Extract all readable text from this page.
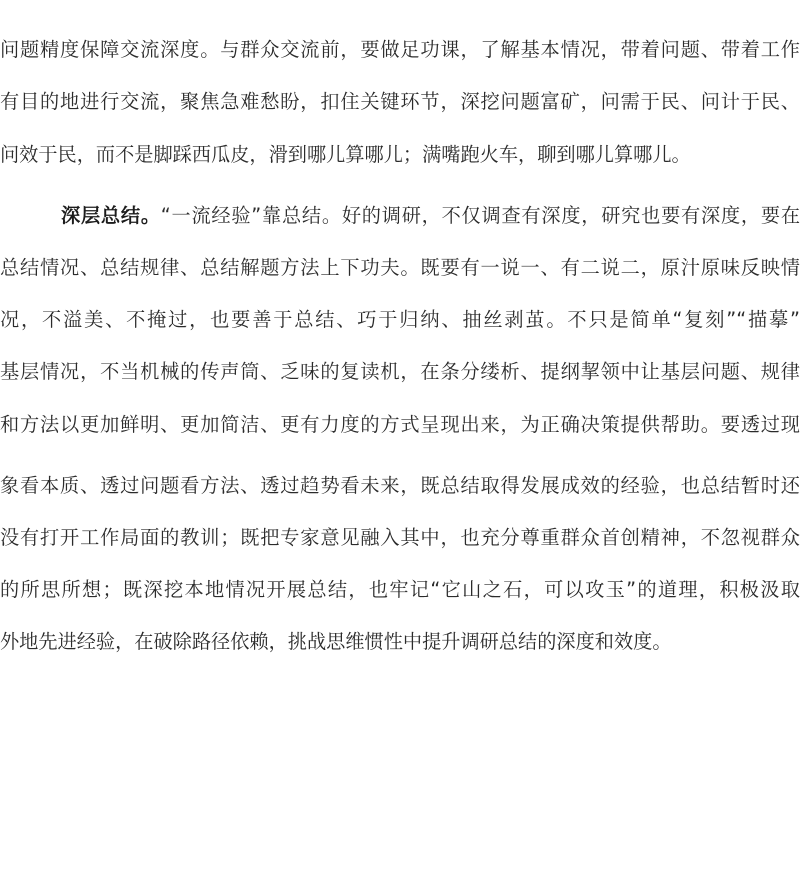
问题精度保障交流深度。与群众交流前，要做足功课，了解基本情况，带着问题、带着工作
有目的地进行交流，聚焦急难愁盼，扣住关键环节，深挖问题富矿，问需于民、问计于民、
问效于民，而不是脚踩西瓜皮，滑到哪儿算哪儿；满嘴跑火车，聊到哪儿算哪儿。
深层总结。“一流经验”靠总结。好的调研，不仅调查有深度，研究也要有深度，要在
总结情况、总结规律、总结解题方法上下功夫。既要有一说一、有二说二，原汁原味反映情
况，不溢美、不掩过，也要善于总结、巧于归纳、抽丝剥茧。不只是简单“复刻”“描摹”
基层情况，不当机械的传声筒、乏味的复读机，在条分缕析、提纲挈领中让基层问题、规律
和方法以更加鲜明、更加简洁、更有力度的方式呈现出来，为正确决策提供帮助。要透过现
象看本质、透过问题看方法、透过趋势看未来，既总结取得发展成效的经验，也总结暂时还
没有打开工作局面的教训；既把专家意见融入其中，也充分尊重群众首创精神，不忽视群众
的所思所想；既深挖本地情况开展总结，也牢记“它山之石，可以攻玉”的道理，积极汲取
外地先进经验，在破除路径依赖，挑战思维惯性中提升调研总结的深度和效度。
